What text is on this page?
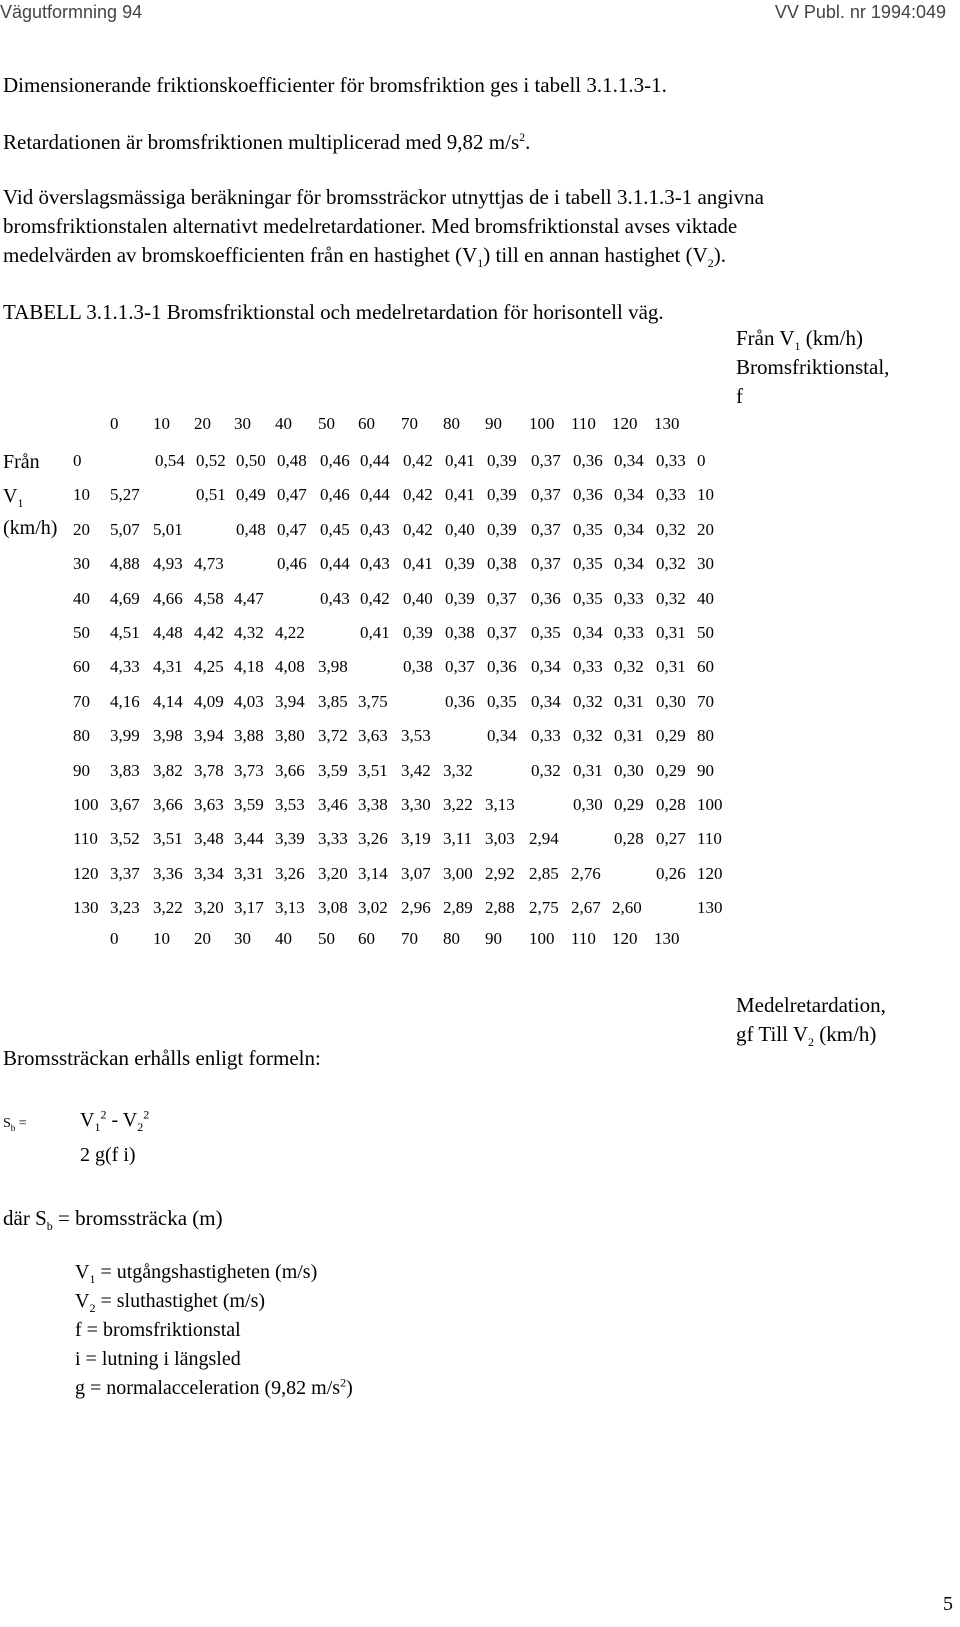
Vägutformning 94	VV Publ. nr 1994:049
Dimensionerande friktionskoefficienter för bromsfriktion ges i tabell 3.1.1.3-1.
Retardationen är bromsfriktionen multiplicerad med 9,82 $m/s^2$.
Vid överslagsmässiga beräkningar för bromssträckor utnyttjas de i tabell 3.1.1.3-1 angivna
bromsfriktionstalen alternativt medelretardationer. Med bromsfriktionstal avses viktade
medelvärden av bromskoefficienten från en hastighet $(V_1)$ till en annan hastighet $(V_2)$.
TABELL 3.1.1.3-1 Bromsfriktionstal och medelretardation för horisontell väg.
Från $V_1$ (km/h)
Bromsfriktionstal,
f
Från
$V_1$
(km/h)
0 10 20 30 40 50 60 70 80 90 100 110 120 130
0	0,54 0,52 0,50 0,48 0,46 0,44 0,42 0,41 0,39 0,37 0,36 0,34 0,33 0
10 5,27	0,51 0,49 0,47 0,46 0,44 0,42 0,41 0,39 0,37 0,36 0,34 0,33 10
20 5,07 5,01	0,48 0,47 0,45 0,43 0,42 0,40 0,39 0,37 0,35 0,34 0,32 20
30 4,88 4,93 4,73	0,46 0,44 0,43 0,41 0,39 0,38 0,37 0,35 0,34 0,32 30
40 4,69 4,66 4,58 4,47	0,43 0,42 0,40 0,39 0,37 0,36 0,35 0,33 0,32 40
50 4,51 4,48 4,42 4,32 4,22	0,41 0,39 0,38 0,37 0,35 0,34 0,33 0,31 50
60 4,33 4,31 4,25 4,18 4,08 3,98	0,38 0,37 0,36 0,34 0,33 0,32 0,31 60
70 4,16 4,14 4,09 4,03 3,94 3,85 3,75	0,36 0,35 0,34 0,32 0,31 0,30 70
80 3,99 3,98 3,94 3,88 3,80 3,72 3,63 3,53	0,34 0,33 0,32 0,31 0,29 80
90 3,83 3,82 3,78 3,73 3,66 3,59 3,51 3,42 3,32	0,32 0,31 0,30 0,29 90
100 3,67 3,66 3,63 3,59 3,53 3,46 3,38 3,30 3,22 3,13	0,30 0,29 0,28 100
110 3,52 3,51 3,48 3,44 3,39 3,33 3,26 3,19 3,11 3,03 2,94	0,28 0,27 110
120 3,37 3,36 3,34 3,31 3,26 3,20 3,14 3,07 3,00 2,92 2,85 2,76	0,26 120
130 3,23 3,22 3,20 3,17 3,13 3,08 3,02 2,96 2,89 2,88 2,75 2,67 2,60	130
0 10 20 30 40 50 60 70 80 90 100 110 120 130
Medelretardation,
gf Till $V_2$ (km/h)
Bromssträckan erhålls enligt formeln:
$S_b$ =	$V_1^2 - V_2^2$
2 g(f i)
där $S_b$ = bromssträcka (m)
$V_1$ = utgångshastigheten (m/s)
$V_2$ = sluthastighet (m/s)
f = bromsfriktionstal
i = lutning i längsled
g = normalacceleration (9,82 $m/s^2$)
5
